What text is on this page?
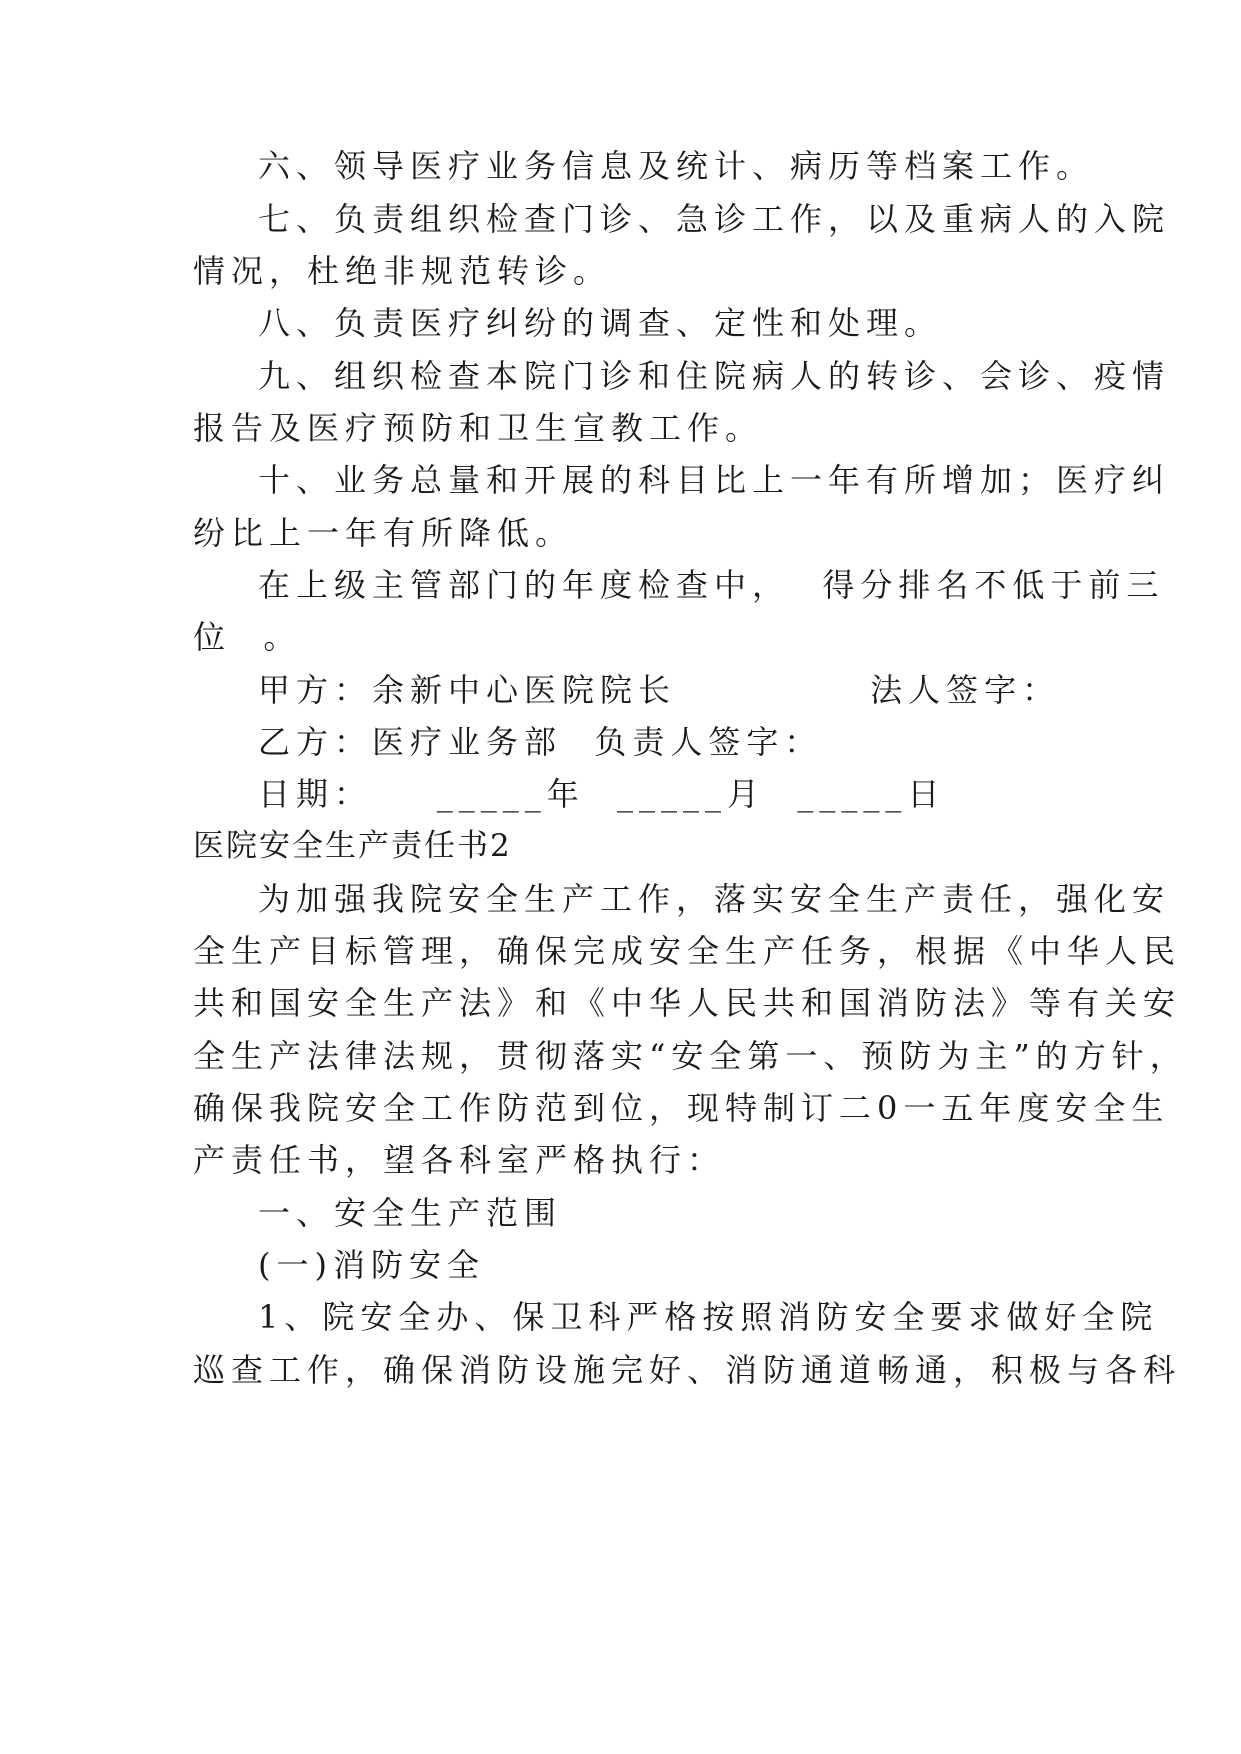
六、领导医疗业务信息及统计、病历等档案工作。
七、负责组织检查门诊、急诊工作，以及重病人的入院
情况，杜绝非规范转诊。
八、负责医疗纠纷的调查、定性和处理。
九、组织检查本院门诊和住院病人的转诊、会诊、疫情
报告及医疗预防和卫生宣教工作。
十、业务总量和开展的科目比上一年有所增加；医疗纠
纷比上一年有所降低。
在上级主管部门的年度检查中，  得分排名不低于前三
位  。
甲方：余新中心医院院长            法人签字：
乙方：医疗业务部  负责人签字：
日期：    _____年  _____月  _____日
医院安全生产责任书2
为加强我院安全生产工作，落实安全生产责任，强化安
全生产目标管理，确保完成安全生产任务，根据《中华人民
共和国安全生产法》和《中华人民共和国消防法》等有关安
全生产法律法规，贯彻落实“安全第一、预防为主”的方针，
确保我院安全工作防范到位，现特制订二0一五年度安全生
产责任书，望各科室严格执行：
一、安全生产范围
(一)消防安全
1、院安全办、保卫科严格按照消防安全要求做好全院
巡查工作，确保消防设施完好、消防通道畅通，积极与各科
